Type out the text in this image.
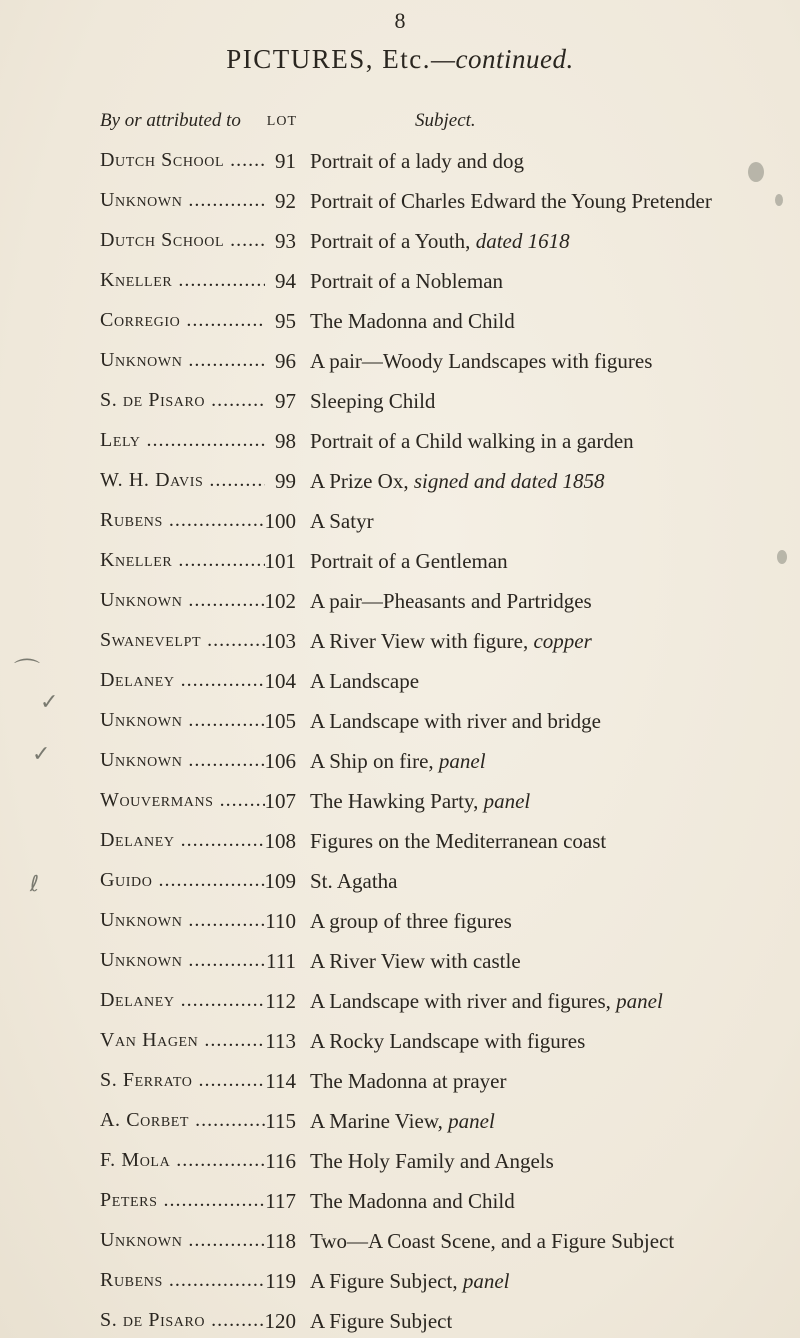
8
PICTURES, Etc.—continued.
By or attributed to	LOT	Subject.
Dutch School .....	91 Portrait of a lady and dog
Unknown .....	92 Portrait of Charles Edward the Young Pretender
Dutch School .....	93 Portrait of a Youth, dated 1618
Kneller .....	94 Portrait of a Nobleman
Corregio .....	95 The Madonna and Child
Unknown .....	96 A pair—Woody Landscapes with figures
S. de Pisaro .....	97 Sleeping Child
Lely .....	98 Portrait of a Child walking in a garden
W. H. Davis .....	99 A Prize Ox, signed and dated 1858
Rubens .....	100 A Satyr
Kneller .....	101 Portrait of a Gentleman
Unknown .....	102 A pair—Pheasants and Partridges
Swanevelpt .....	103 A River View with figure, copper
Delaney .....	104 A Landscape
Unknown .....	105 A Landscape with river and bridge
Unknown .....	106 A Ship on fire, panel
Wouvermans .....	107 The Hawking Party, panel
Delaney .....	108 Figures on the Mediterranean coast
Guido .....	109 St. Agatha
Unknown .....	110 A group of three figures
Unknown .....	111 A River View with castle
Delaney .....	112 A Landscape with river and figures, panel
Van Hagen .....	113 A Rocky Landscape with figures
S. Ferrato .....	114 The Madonna at prayer
A. Corbet .....	115 A Marine View, panel
F. Mola .....	116 The Holy Family and Angels
Peters .....	117 The Madonna and Child
Unknown .....	118 Two—A Coast Scene, and a Figure Subject
Rubens .....	119 A Figure Subject, panel
S. de Pisaro .....	120 A Figure Subject
⌒
✓
✓
ℓ
